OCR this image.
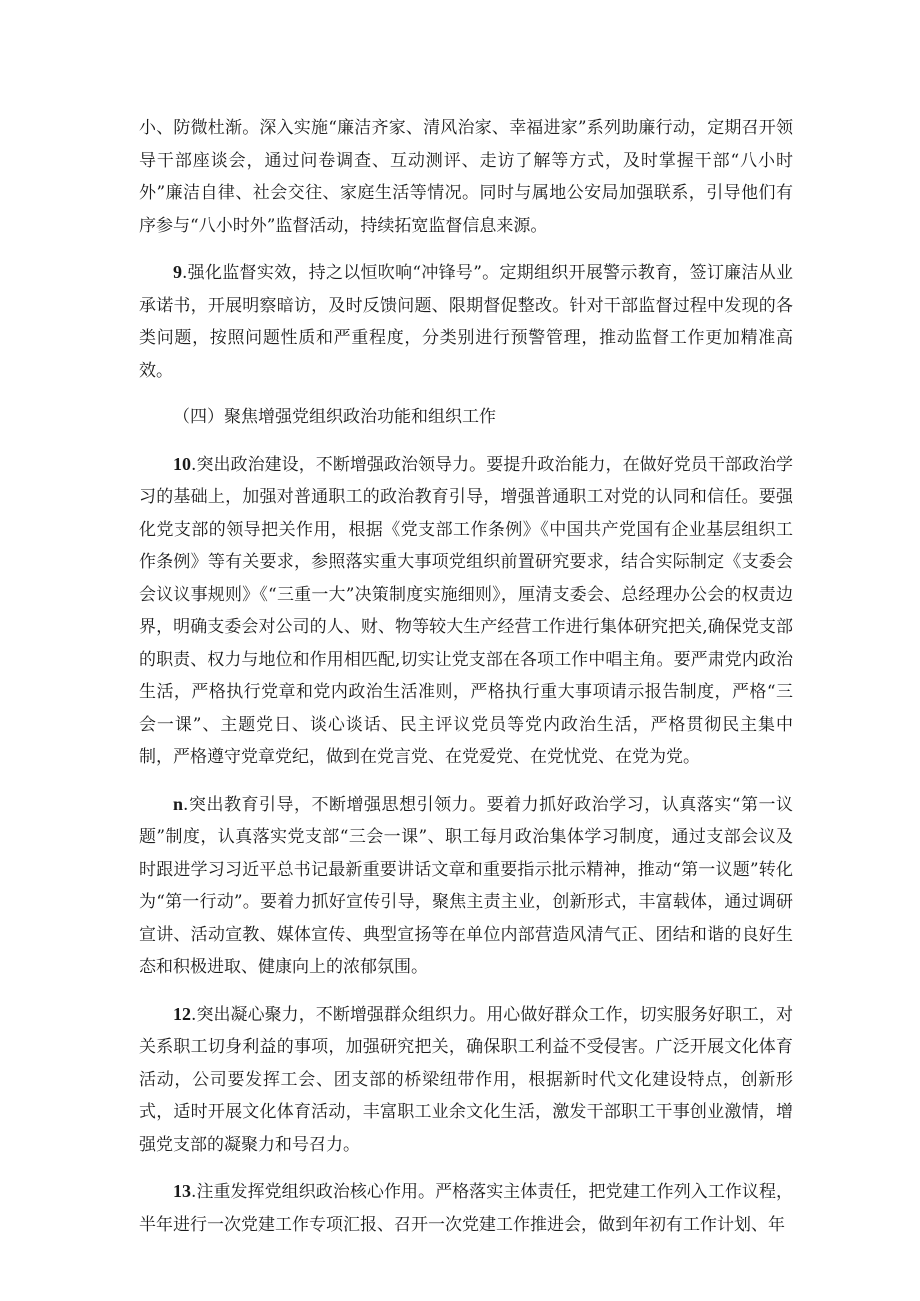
小、防微杜渐。深入实施“廉洁齐家、清风治家、幸福进家”系列助廉行动，定期召开领导干部座谈会，通过问卷调查、互动测评、走访了解等方式，及时掌握干部“八小时外”廉洁自律、社会交往、家庭生活等情况。同时与属地公安局加强联系，引导他们有序参与“八小时外”监督活动，持续拓宽监督信息来源。

9.强化监督实效，持之以恒吹响“冲锋号”。定期组织开展警示教育，签订廉洁从业承诺书，开展明察暗访，及时反馈问题、限期督促整改。针对干部监督过程中发现的各类问题，按照问题性质和严重程度，分类别进行预警管理，推动监督工作更加精准高效。

（四）聚焦增强党组织政治功能和组织工作

10.突出政治建设，不断增强政治领导力。要提升政治能力，在做好党员干部政治学习的基础上，加强对普通职工的政治教育引导，增强普通职工对党的认同和信任。要强化党支部的领导把关作用，根据《党支部工作条例》《中国共产党国有企业基层组织工作条例》等有关要求，参照落实重大事项党组织前置研究要求，结合实际制定《支委会会议议事规则》《“三重一大”决策制度实施细则》，厘清支委会、总经理办公会的权责边界，明确支委会对公司的人、财、物等较大生产经营工作进行集体研究把关,确保党支部的职责、权力与地位和作用相匹配,切实让党支部在各项工作中唱主角。要严肃党内政治生活，严格执行党章和党内政治生活准则，严格执行重大事项请示报告制度，严格“三会一课”、主题党日、谈心谈话、民主评议党员等党内政治生活，严格贯彻民主集中制，严格遵守党章党纪，做到在党言党、在党爱党、在党忧党、在党为党。

n.突出教育引导，不断增强思想引领力。要着力抓好政治学习，认真落实“第一议题”制度，认真落实党支部“三会一课”、职工每月政治集体学习制度，通过支部会议及时跟进学习习近平总书记最新重要讲话文章和重要指示批示精神，推动“第一议题”转化为“第一行动”。要着力抓好宣传引导，聚焦主责主业，创新形式，丰富载体，通过调研宣讲、活动宣教、媒体宣传、典型宣扬等在单位内部营造风清气正、团结和谐的良好生态和积极进取、健康向上的浓郁氛围。

12.突出凝心聚力，不断增强群众组织力。用心做好群众工作，切实服务好职工，对关系职工切身利益的事项，加强研究把关，确保职工利益不受侵害。广泛开展文化体育活动，公司要发挥工会、团支部的桥梁纽带作用，根据新时代文化建设特点，创新形式，适时开展文化体育活动，丰富职工业余文化生活，激发干部职工干事创业激情，增强党支部的凝聚力和号召力。

13.注重发挥党组织政治核心作用。严格落实主体责任，把党建工作列入工作议程，半年进行一次党建工作专项汇报、召开一次党建工作推进会，做到年初有工作计划、年
